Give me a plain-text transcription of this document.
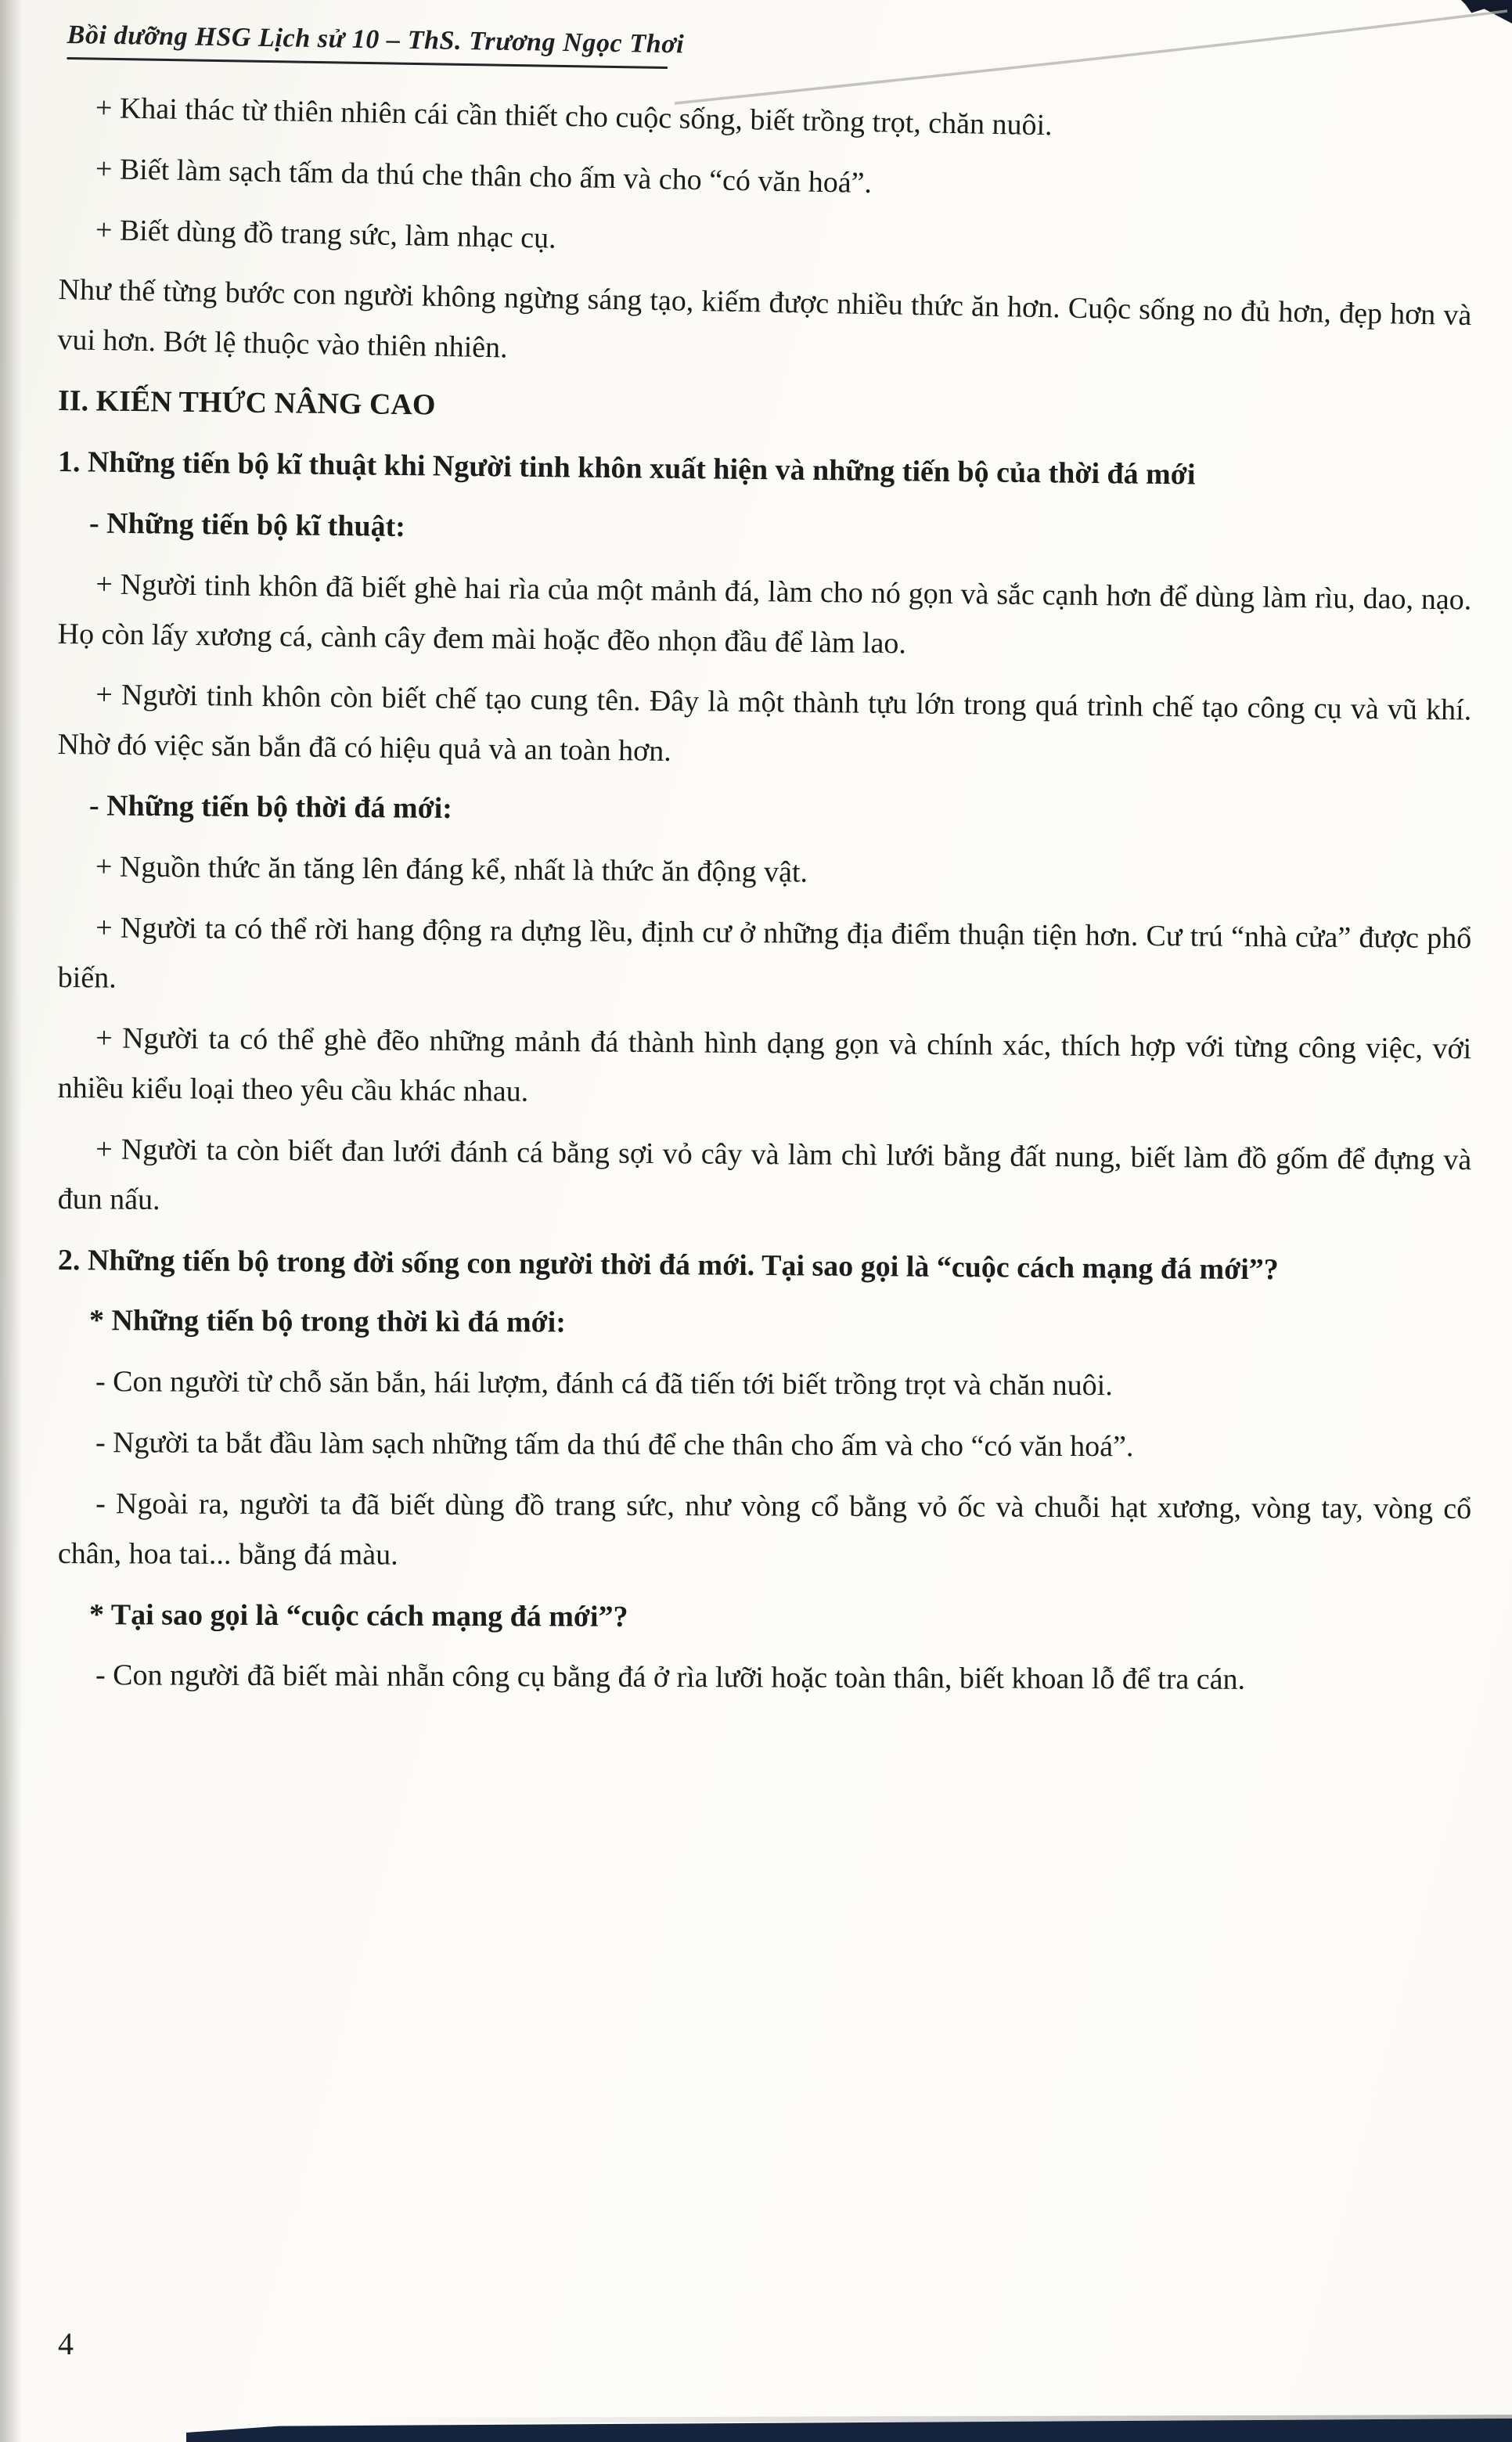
Bồi dưỡng HSG Lịch sử 10 – ThS. Trương Ngọc Thơi

+ Khai thác từ thiên nhiên cái cần thiết cho cuộc sống, biết trồng trọt, chăn nuôi.

+ Biết làm sạch tấm da thú che thân cho ấm và cho “có văn hoá”.

+ Biết dùng đồ trang sức, làm nhạc cụ.

Như thế từng bước con người không ngừng sáng tạo, kiếm được nhiều thức ăn hơn. Cuộc sống no đủ hơn, đẹp hơn và vui hơn. Bớt lệ thuộc vào thiên nhiên.

II. KIẾN THỨC NÂNG CAO

1. Những tiến bộ kĩ thuật khi Người tinh khôn xuất hiện và những tiến bộ của thời đá mới

- Những tiến bộ kĩ thuật:

+ Người tinh khôn đã biết ghè hai rìa của một mảnh đá, làm cho nó gọn và sắc cạnh hơn để dùng làm rìu, dao, nạo. Họ còn lấy xương cá, cành cây đem mài hoặc đẽo nhọn đầu để làm lao.

+ Người tinh khôn còn biết chế tạo cung tên. Đây là một thành tựu lớn trong quá trình chế tạo công cụ và vũ khí. Nhờ đó việc săn bắn đã có hiệu quả và an toàn hơn.

- Những tiến bộ thời đá mới:

+ Nguồn thức ăn tăng lên đáng kể, nhất là thức ăn động vật.

+ Người ta có thể rời hang động ra dựng lều, định cư ở những địa điểm thuận tiện hơn. Cư trú “nhà cửa” được phổ biến.

+ Người ta có thể ghè đẽo những mảnh đá thành hình dạng gọn và chính xác, thích hợp với từng công việc, với nhiều kiểu loại theo yêu cầu khác nhau.

+ Người ta còn biết đan lưới đánh cá bằng sợi vỏ cây và làm chì lưới bằng đất nung, biết làm đồ gốm để đựng và đun nấu.

2. Những tiến bộ trong đời sống con người thời đá mới. Tại sao gọi là “cuộc cách mạng đá mới”?

* Những tiến bộ trong thời kì đá mới:

- Con người từ chỗ săn bắn, hái lượm, đánh cá đã tiến tới biết trồng trọt và chăn nuôi.

- Người ta bắt đầu làm sạch những tấm da thú để che thân cho ấm và cho “có văn hoá”.

- Ngoài ra, người ta đã biết dùng đồ trang sức, như vòng cổ bằng vỏ ốc và chuỗi hạt xương, vòng tay, vòng cổ chân, hoa tai... bằng đá màu.

* Tại sao gọi là “cuộc cách mạng đá mới”?

- Con người đã biết mài nhẵn công cụ bằng đá ở rìa lưỡi hoặc toàn thân, biết khoan lỗ để tra cán.

4
